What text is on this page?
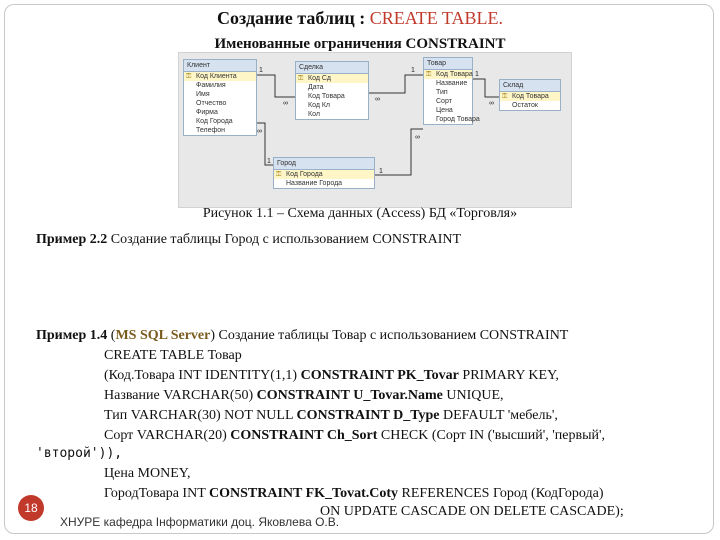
Создание таблиц : CREATE TABLE.
Именованные ограничения CONSTRAINT
1
∞
1
∞
1
∞
1
∞
1
∞
Клиент
⚿ Код Клиента
Фамилия
Имя
Отчество
Фирма
Код Города
Телефон
Сделка
⚿ Код Сд
Дата
Код Товара
Код Кл
Кол
Товар
⚿ Код Товара
Название
Тип
Сорт
Цена
Город Товара
Склад
⚿ Код Товара
Остаток
Город
⚿ Код Города
Название Города
Рисунок 1.1 – Схема данных (Access) БД «Торговля»
Пример 2.2 Создание таблицы Город с использованием CONSTRAINT
Пример 1.4 (MS SQL Server) Создание таблицы Товар с использованием CONSTRAINT
CREATE TABLE Товар
(Код.Товара INT IDENTITY(1,1) CONSTRAINT PK_Tovar PRIMARY KEY,
Название VARCHAR(50) CONSTRAINT U_Tovar.Name UNIQUE,
Тип VARCHAR(30) NOT NULL CONSTRAINT D_Type DEFAULT 'мебель',
Сорт VARCHAR(20) CONSTRAINT Ch_Sort CHECK (Сорт IN ('высший', 'первый',
'второй')),
Цена MONEY,
ГородТовара INT CONSTRAINT FK_Tovat.Coty REFERENCES Город (КодГорода)
ON UPDATE CASCADE ON DELETE CASCADE);
18
ХНУРЕ кафедра Інформатики доц. Яковлева О.В.
